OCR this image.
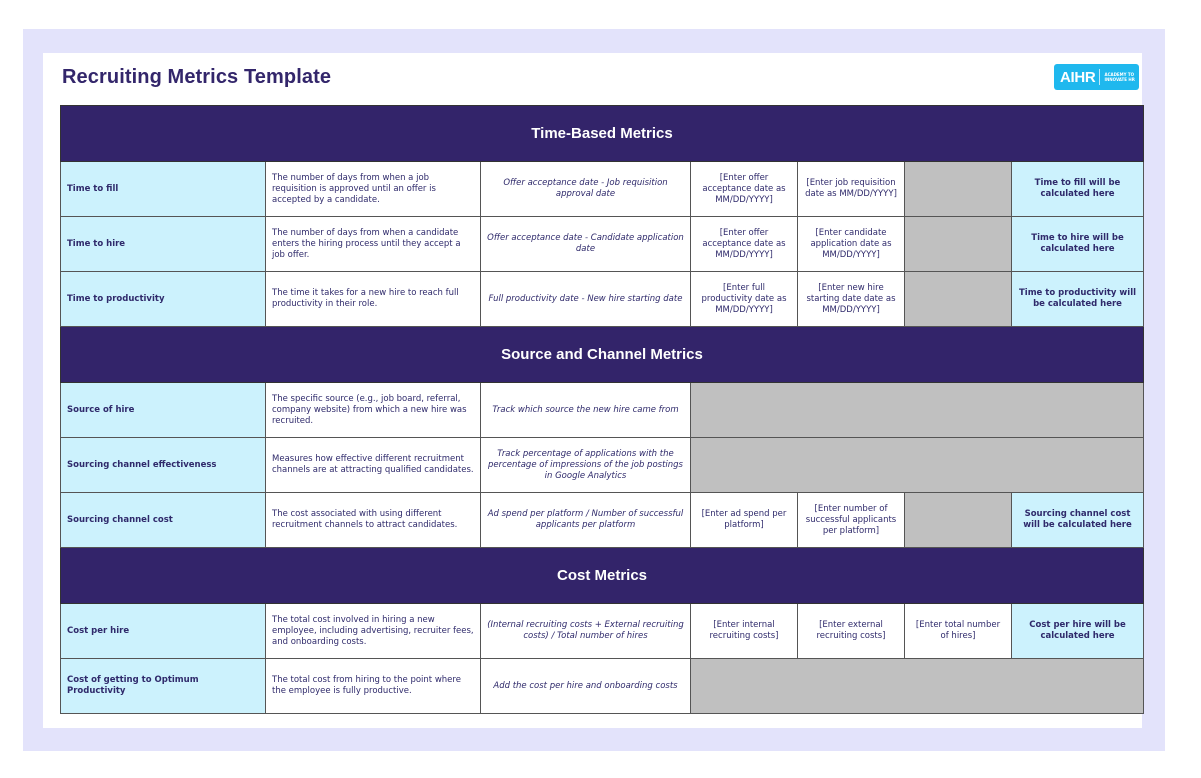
Recruiting Metrics Template	AIHR ACADEMY TO
INNOVATE HR
Time-Based Metrics						
Time to fill	The number of days from when a job requisition is approved until an offer is accepted by a candidate.	Offer acceptance date - Job requisition approval date	[Enter offer acceptance date as MM/DD/YYYY]	[Enter job requisition date as MM/DD/YYYY]		Time to fill will be calculated here
Time to hire	The number of days from when a candidate enters the hiring process until they accept a job offer.	Offer acceptance date - Candidate application date	[Enter offer acceptance date as MM/DD/YYYY]	[Enter candidate application date as MM/DD/YYYY]		Time to hire will be calculated here
Time to productivity	The time it takes for a new hire to reach full productivity in their role.	Full productivity date - New hire starting date	[Enter full productivity date as MM/DD/YYYY]	[Enter new hire starting date date as MM/DD/YYYY]		Time to productivity will be calculated here
Source and Channel Metrics						
Source of hire	The specific source (e.g., job board, referral, company website) from which a new hire was recruited.	Track which source the new hire came from				
Sourcing channel effectiveness	Measures how effective different recruitment channels are at attracting qualified candidates.	Track percentage of applications with the percentage of impressions of the job postings in Google Analytics				
Sourcing channel cost	The cost associated with using different recruitment channels to attract candidates.	Ad spend per platform / Number of successful applicants per platform	[Enter ad spend per platform]	[Enter number of successful applicants per platform]		Sourcing channel cost will be calculated here
Cost Metrics						
Cost per hire	The total cost involved in hiring a new employee, including advertising, recruiter fees, and onboarding costs.	(Internal recruiting costs + External recruiting costs) / Total number of hires	[Enter internal recruiting costs]	[Enter external recruiting costs]	[Enter total number of hires]	Cost per hire will be calculated here
Cost of getting to Optimum Productivity	The total cost from hiring to the point where the employee is fully productive.	Add the cost per hire and onboarding costs				
